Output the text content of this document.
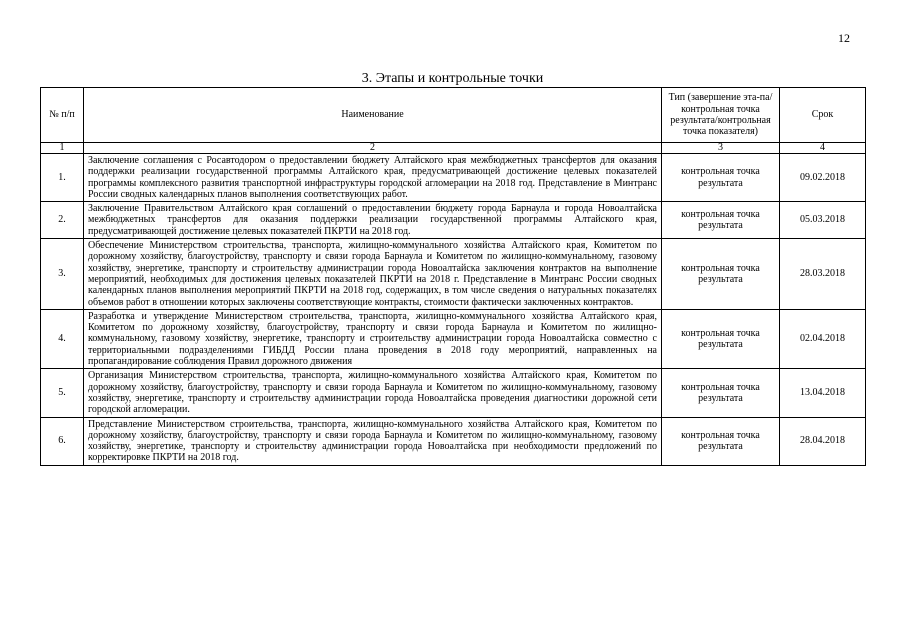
12
3. Этапы и контрольные точки
№ п/п	Наименование	Тип (завершение эта-па/контрольная точка результата/контрольная точка показателя)	Срок
1	2	3	4
1.	Заключение соглашения с Росавтодором о предоставлении бюджету Алтайского края межбюджетных трансфертов для оказания поддержки реализации государственной программы Алтайского края, предусматривающей достижение целевых показателей программы комплексного развития транспортной инфраструктуры городской агломерации на 2018 год. Представление в Минтранс России сводных календарных планов выполнения соответствующих работ.	контрольная точка результата	09.02.2018
2.	Заключение Правительством Алтайского края соглашений о предоставлении бюджету города Барнаула и города Новоалтайска межбюджетных трансфертов для оказания поддержки реализации государственной программы Алтайского края, предусматривающей достижение целевых показателей ПКРТИ на 2018 год.	контрольная точка результата	05.03.2018
3.	Обеспечение Министерством строительства, транспорта, жилищно-коммунального хозяйства Алтайского края, Комитетом по дорожному хозяйству, благоустройству, транспорту и связи города Барнаула и Комитетом по жилищно-коммунальному, газовому хозяйству, энергетике, транспорту и строительству администрации города Новоалтайска заключения контрактов на выполнение мероприятий, необходимых для достижения целевых показателей ПКРТИ на 2018 г. Представление в Минтранс России сводных календарных планов выполнения мероприятий ПКРТИ на 2018 год, содержащих, в том числе сведения о натуральных показателях объемов работ в отношении которых заключены соответствующие контракты, стоимости фактически заключенных контрактов.	контрольная точка результата	28.03.2018
4.	Разработка и утверждение Министерством строительства, транспорта, жилищно-коммунального хозяйства Алтайского края, Комитетом по дорожному хозяйству, благоустройству, транспорту и связи города Барнаула и Комитетом по жилищно-коммунальному, газовому хозяйству, энергетике, транспорту и строительству администрации города Новоалтайска совместно с территориальными подразделениями ГИБДД России плана проведения в 2018 году мероприятий, направленных на пропагандирование соблюдения Правил дорожного движения	контрольная точка результата	02.04.2018
5.	Организация Министерством строительства, транспорта, жилищно-коммунального хозяйства Алтайского края, Комитетом по дорожному хозяйству, благоустройству, транспорту и связи города Барнаула и Комитетом по жилищно-коммунальному, газовому хозяйству, энергетике, транспорту и строительству администрации города Новоалтайска проведения диагностики дорожной сети городской агломерации.	контрольная точка результата	13.04.2018
6.	Представление Министерством строительства, транспорта, жилищно-коммунального хозяйства Алтайского края, Комитетом по дорожному хозяйству, благоустройству, транспорту и связи города Барнаула и Комитетом по жилищно-коммунальному, газовому хозяйству, энергетике, транспорту и строительству администрации города Новоалтайска при необходимости предложений по корректировке ПКРТИ на 2018 год.	контрольная точка результата	28.04.2018
